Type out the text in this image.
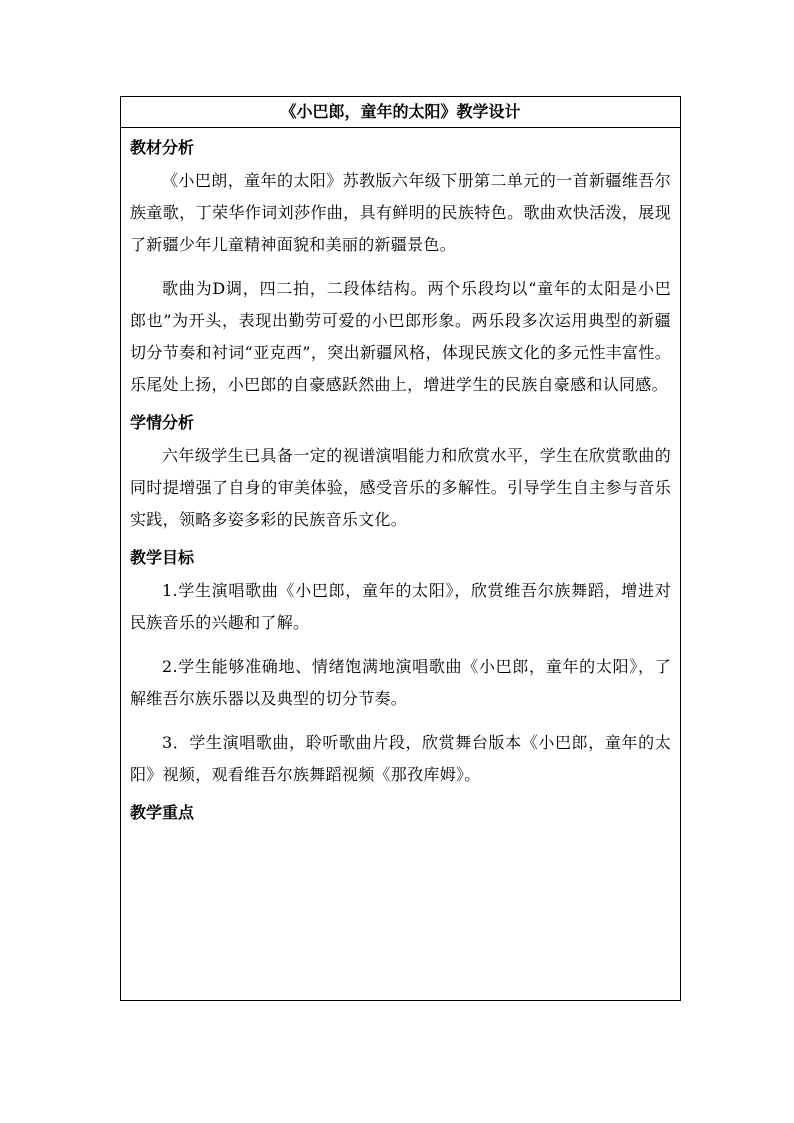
《小巴郎，童年的太阳》教学设计

教材分析

《小巴朗，童年的太阳》苏教版六年级下册第二单元的一首新疆维吾尔族童歌，丁荣华作词刘莎作曲，具有鲜明的民族特色。歌曲欢快活泼，展现了新疆少年儿童精神面貌和美丽的新疆景色。

歌曲为D调，四二拍，二段体结构。两个乐段均以“童年的太阳是小巴郎也”为开头，表现出勤劳可爱的小巴郎形象。两乐段多次运用典型的新疆切分节奏和衬词“亚克西”，突出新疆风格，体现民族文化的多元性丰富性。乐尾处上扬，小巴郎的自豪感跃然曲上，增进学生的民族自豪感和认同感。

学情分析

六年级学生已具备一定的视谱演唱能力和欣赏水平，学生在欣赏歌曲的同时提增强了自身的审美体验，感受音乐的多解性。引导学生自主参与音乐实践，领略多姿多彩的民族音乐文化。

教学目标

1.学生演唱歌曲《小巴郎，童年的太阳》，欣赏维吾尔族舞蹈，增进对民族音乐的兴趣和了解。

2.学生能够准确地、情绪饱满地演唱歌曲《小巴郎，童年的太阳》，了解维吾尔族乐器以及典型的切分节奏。

3．学生演唱歌曲，聆听歌曲片段，欣赏舞台版本《小巴郎，童年的太阳》视频，观看维吾尔族舞蹈视频《那孜库姆》。

教学重点
